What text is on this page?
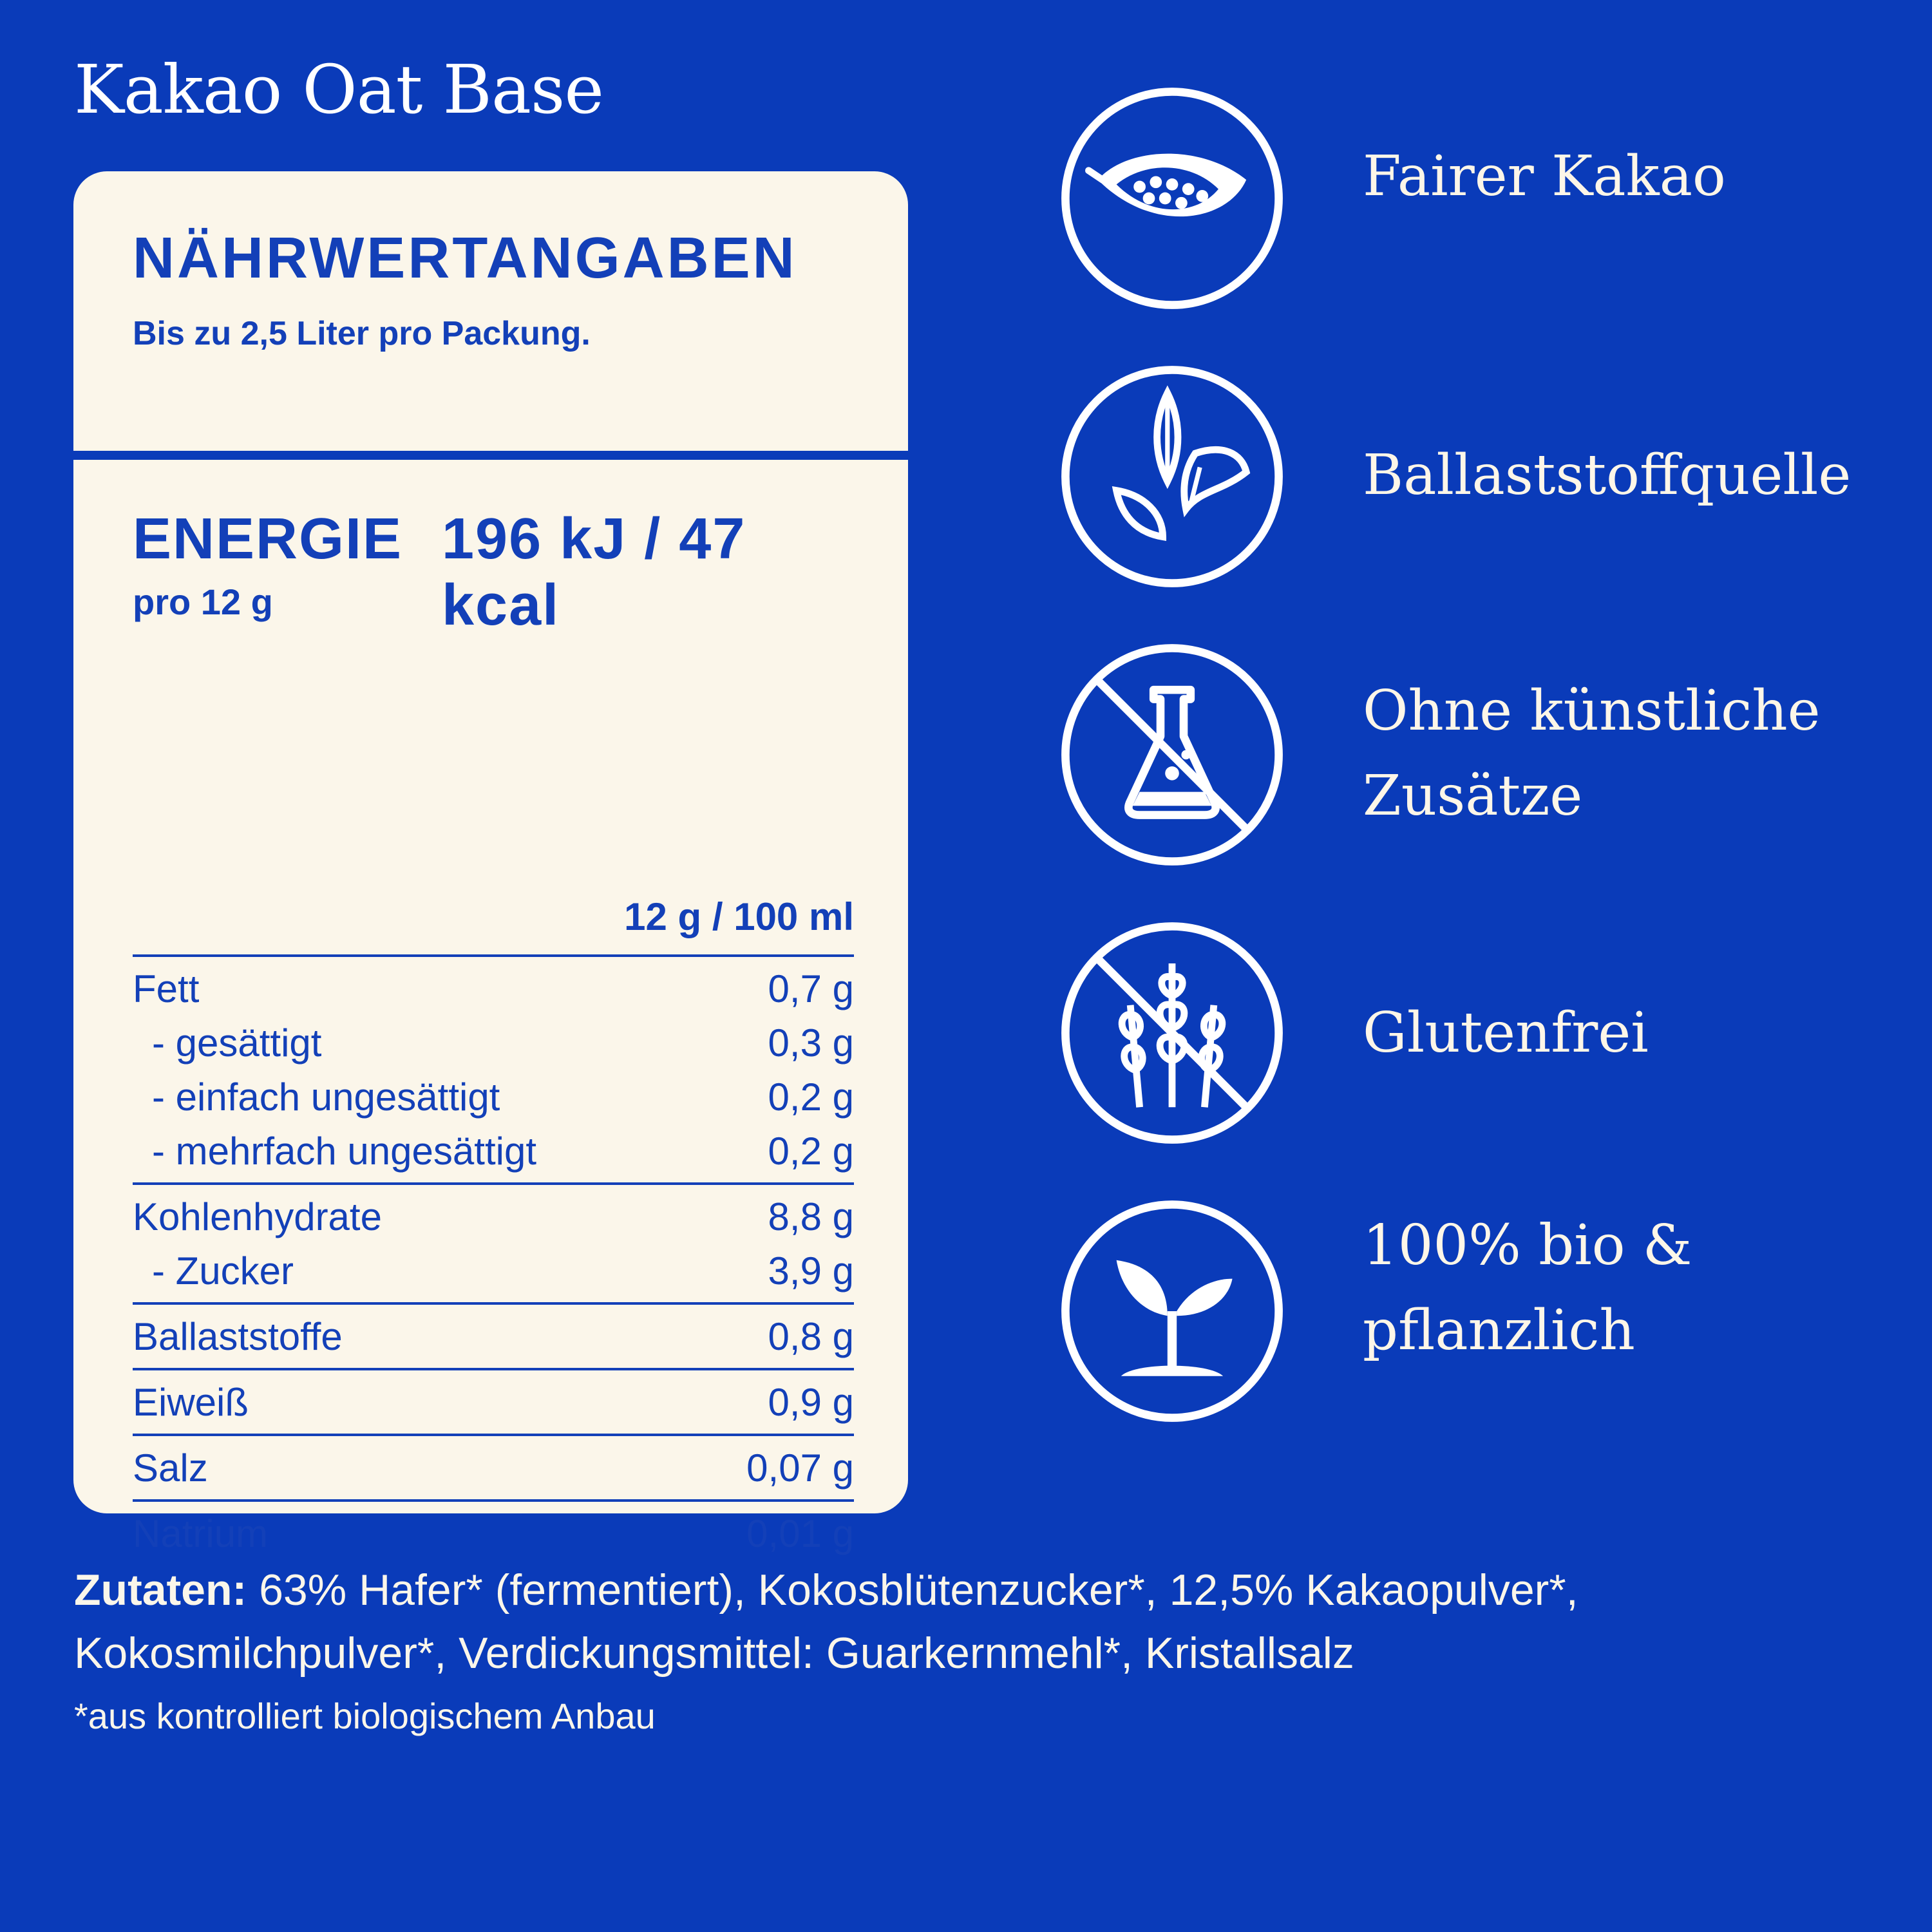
Kakao Oat Base
NÄHRWERTANGABEN
Bis zu 2,5 Liter pro Packung.
ENERGIE 196 kJ / 47 kcal
pro 12 g
12 g / 100 ml
Fett	0,7 g
- gesättigt	0,3 g
- einfach ungesättigt	0,2 g
- mehrfach ungesättigt	0,2 g
Kohlenhydrate	8,8 g
- Zucker	3,9 g
Ballaststoffe	0,8 g
Eiweiß	0,9 g
Salz	0,07 g
Natrium	0,01 g
Fairer Kakao
Ballaststoffquelle
Ohne künstliche
Zusätze
Glutenfrei
100% bio &
pflanzlich
Zutaten: 63% Hafer* (fermentiert), Kokosblütenzucker*, 12,5% Kakaopulver*,
Kokosmilchpulver*, Verdickungsmittel: Guarkernmehl*, Kristallsalz
*aus kontrolliert biologischem Anbau
